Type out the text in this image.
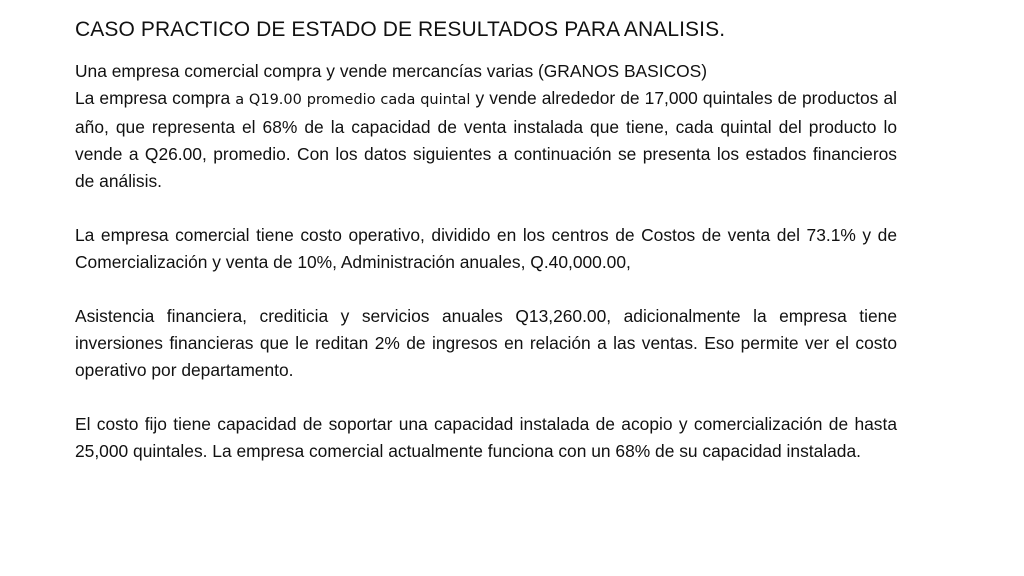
CASO PRACTICO DE ESTADO DE RESULTADOS PARA ANALISIS.
Una empresa comercial compra y vende mercancías varias (GRANOS BASICOS)
La empresa compra a Q19.00 promedio cada quintal y vende alrededor de 17,000 quintales de productos al año, que representa el 68% de la capacidad de venta instalada que tiene, cada quintal del producto lo vende a Q26.00, promedio. Con los datos siguientes a continuación se presenta los estados financieros de análisis.
La empresa comercial tiene costo operativo, dividido en los centros de Costos de venta del 73.1% y de Comercialización y venta de 10%, Administración anuales, Q.40,000.00,
Asistencia financiera, crediticia y servicios anuales Q13,260.00, adicionalmente la empresa tiene inversiones financieras que le reditan 2% de ingresos en relación a las ventas. Eso permite ver el costo operativo por departamento.
El costo fijo tiene capacidad de soportar una capacidad instalada de acopio y comercialización de hasta 25,000 quintales. La empresa comercial actualmente funciona con un 68% de su capacidad instalada.
